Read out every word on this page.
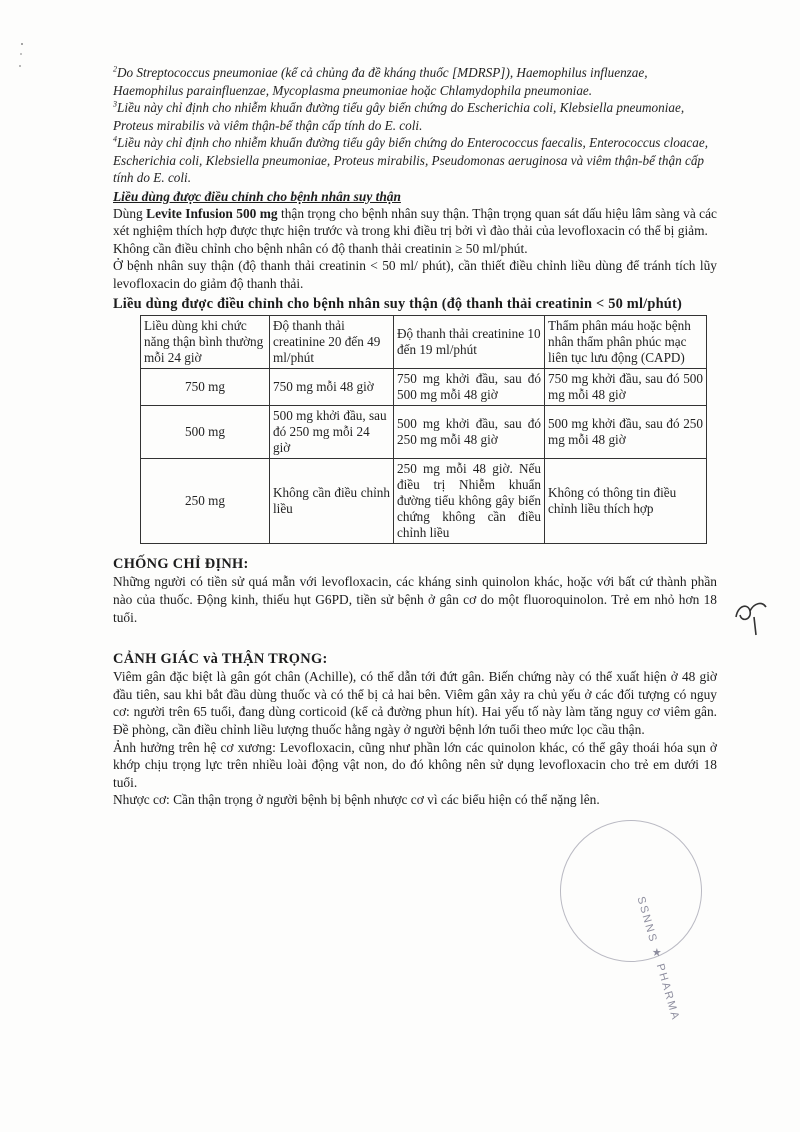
$^2$Do Streptococcus pneumoniae (kể cả chủng đa đề kháng thuốc [MDRSP]), Haemophilus influenzae, Haemophilus parainfluenzae, Mycoplasma pneumoniae hoặc Chlamydophila pneumoniae.

$^3$Liều này chỉ định cho nhiễm khuẩn đường tiểu gây biến chứng do Escherichia coli, Klebsiella pneumoniae, Proteus mirabilis và viêm thận-bể thận cấp tính do E. coli.

$^4$Liều này chỉ định cho nhiễm khuẩn đường tiểu gây biến chứng do Enterococcus faecalis, Enterococcus cloacae, Escherichia coli, Klebsiella pneumoniae, Proteus mirabilis, Pseudomonas aeruginosa và viêm thận-bể thận cấp tính do E. coli.

Liều dùng được điều chỉnh cho bệnh nhân suy thận

Dùng Levite Infusion 500 mg thận trọng cho bệnh nhân suy thận. Thận trọng quan sát dấu hiệu lâm sàng và các xét nghiệm thích hợp được thực hiện trước và trong khi điều trị bởi vì đào thải của levofloxacin có thể bị giảm.

Không cần điều chỉnh cho bệnh nhân có độ thanh thải creatinin ≥ 50 ml/phút.

Ở bệnh nhân suy thận (độ thanh thải creatinin < 50 ml/ phút), cần thiết điều chỉnh liều dùng để tránh tích lũy levofloxacin do giảm độ thanh thải.

Liều dùng được điều chỉnh cho bệnh nhân suy thận (độ thanh thải creatinin < 50 ml/phút)

Liều dùng khi chức năng thận bình thường mỗi 24 giờ	Độ thanh thải creatinine 20 đến 49 ml/phút	Độ thanh thải creatinine 10 đến 19 ml/phút	Thẩm phân máu hoặc bệnh nhân thẩm phân phúc mạc liên tục lưu động (CAPD)
750 mg	750 mg mỗi 48 giờ	750 mg khởi đầu, sau đó 500 mg mỗi 48 giờ	750 mg khởi đầu, sau đó 500 mg mỗi 48 giờ
500 mg	500 mg khởi đầu, sau đó 250 mg mỗi 24 giờ	500 mg khởi đầu, sau đó 250 mg mỗi 48 giờ	500 mg khởi đầu, sau đó 250 mg mỗi 48 giờ
250 mg	Không cần điều chỉnh liều	250 mg mỗi 48 giờ. Nếu điều trị Nhiễm khuẩn đường tiểu không gây biến chứng không cần điều chỉnh liều	Không có thông tin điều chỉnh liều thích hợp

CHỐNG CHỈ ĐỊNH:

Những người có tiền sử quá mẫn với levofloxacin, các kháng sinh quinolon khác, hoặc với bất cứ thành phần nào của thuốc. Động kinh, thiếu hụt G6PD, tiền sử bệnh ở gân cơ do một fluoroquinolon. Trẻ em nhỏ hơn 18 tuổi.

CẢNH GIÁC và THẬN TRỌNG:

Viêm gân đặc biệt là gân gót chân (Achille), có thể dẫn tới đứt gân. Biến chứng này có thể xuất hiện ở 48 giờ đầu tiên, sau khi bắt đầu dùng thuốc và có thể bị cả hai bên. Viêm gân xảy ra chủ yếu ở các đối tượng có nguy cơ: người trên 65 tuổi, đang dùng corticoid (kể cả đường phun hít). Hai yếu tố này làm tăng nguy cơ viêm gân. Đề phòng, cần điều chỉnh liều lượng thuốc hằng ngày ở người bệnh lớn tuổi theo mức lọc cầu thận.

Ảnh hưởng trên hệ cơ xương: Levofloxacin, cũng như phần lớn các quinolon khác, có thể gây thoái hóa sụn ở khớp chịu trọng lực trên nhiều loài động vật non, do đó không nên sử dụng levofloxacin cho trẻ em dưới 18 tuổi.

Nhược cơ: Cần thận trọng ở người bệnh bị bệnh nhược cơ vì các biểu hiện có thể nặng lên.

SSNNS ★ PHARMA
